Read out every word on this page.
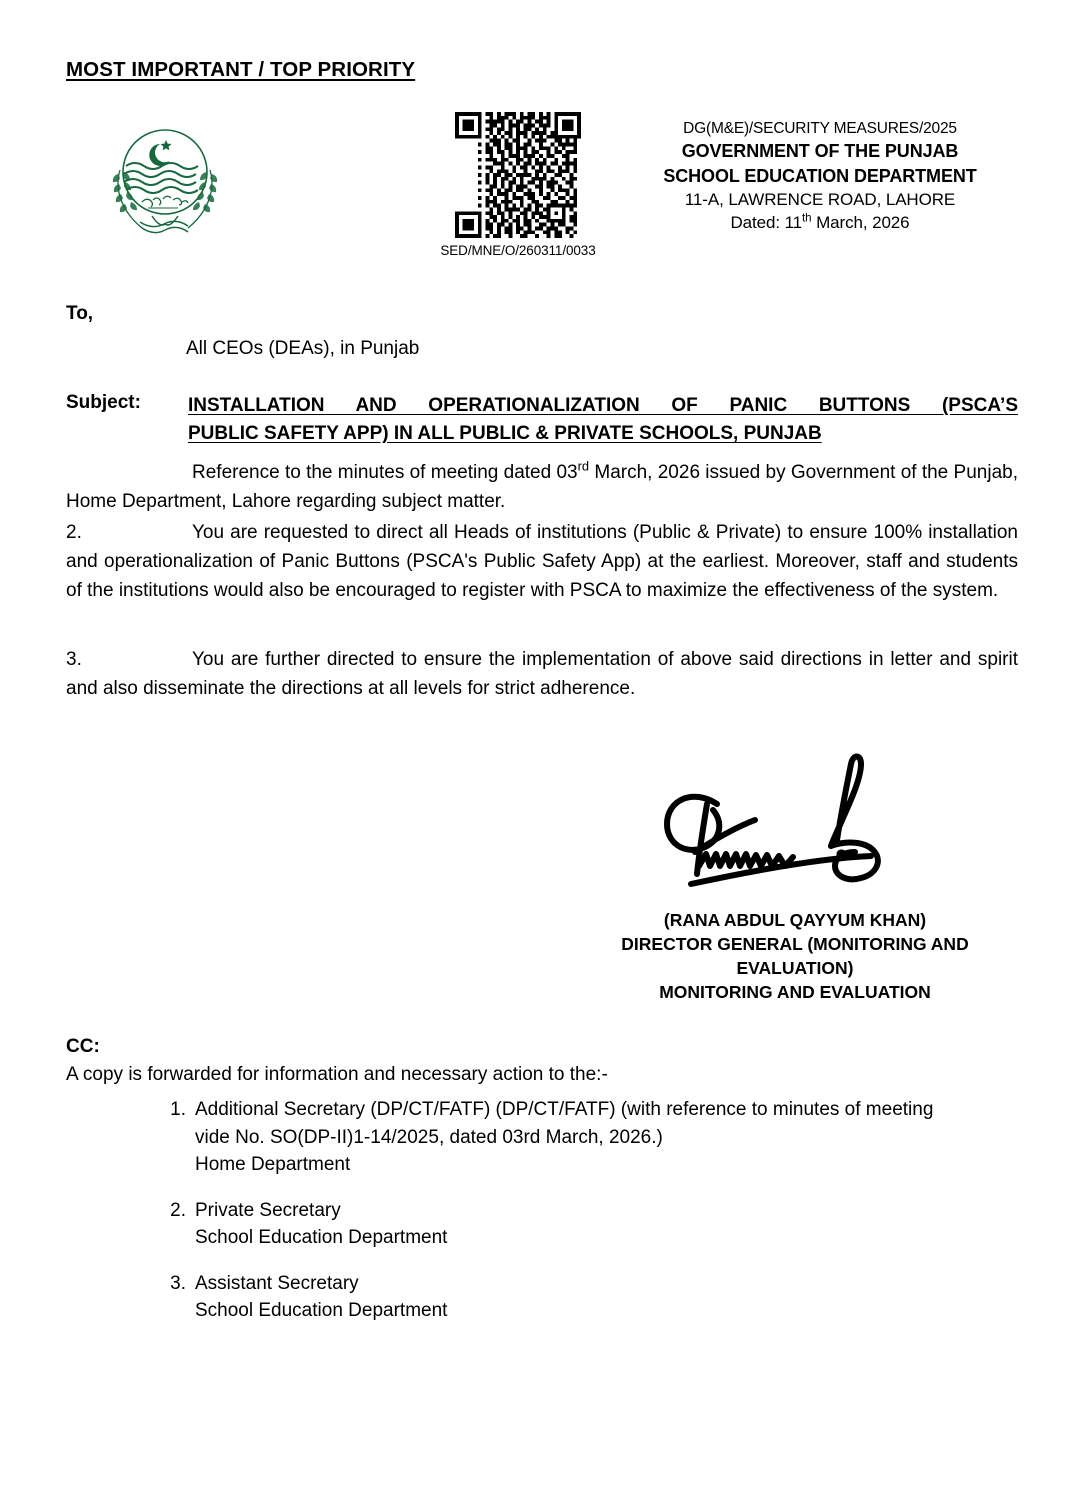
MOST IMPORTANT / TOP PRIORITY
SED/MNE/O/260311/0033
DG(M&E)/SECURITY MEASURES/2025
GOVERNMENT OF THE PUNJAB
SCHOOL EDUCATION DEPARTMENT
11-A, LAWRENCE ROAD, LAHORE
Dated: 11th March, 2026
To,
All CEOs (DEAs), in Punjab
Subject: INSTALLATION AND OPERATIONALIZATION OF PANIC BUTTONS (PSCA’S
PUBLIC SAFETY APP) IN ALL PUBLIC & PRIVATE SCHOOLS, PUNJAB
Reference to the minutes of meeting dated 03rd March, 2026 issued by Government of the Punjab, Home Department, Lahore regarding subject matter.
2.	You are requested to direct all Heads of institutions (Public & Private) to ensure 100% installation and operationalization of Panic Buttons (PSCA's Public Safety App) at the earliest. Moreover, staff and students of the institutions would also be encouraged to register with PSCA to maximize the effectiveness of the system.
3.	You are further directed to ensure the implementation of above said directions in letter and spirit and also disseminate the directions at all levels for strict adherence.
(RANA ABDUL QAYYUM KHAN)
DIRECTOR GENERAL (MONITORING AND
EVALUATION)
MONITORING AND EVALUATION
CC:
A copy is forwarded for information and necessary action to the:-
1. Additional Secretary (DP/CT/FATF) (DP/CT/FATF) (with reference to minutes of meeting vide No. SO(DP-II)1-14/2025, dated 03rd March, 2026.)
Home Department
2. Private Secretary
School Education Department
3. Assistant Secretary
School Education Department
